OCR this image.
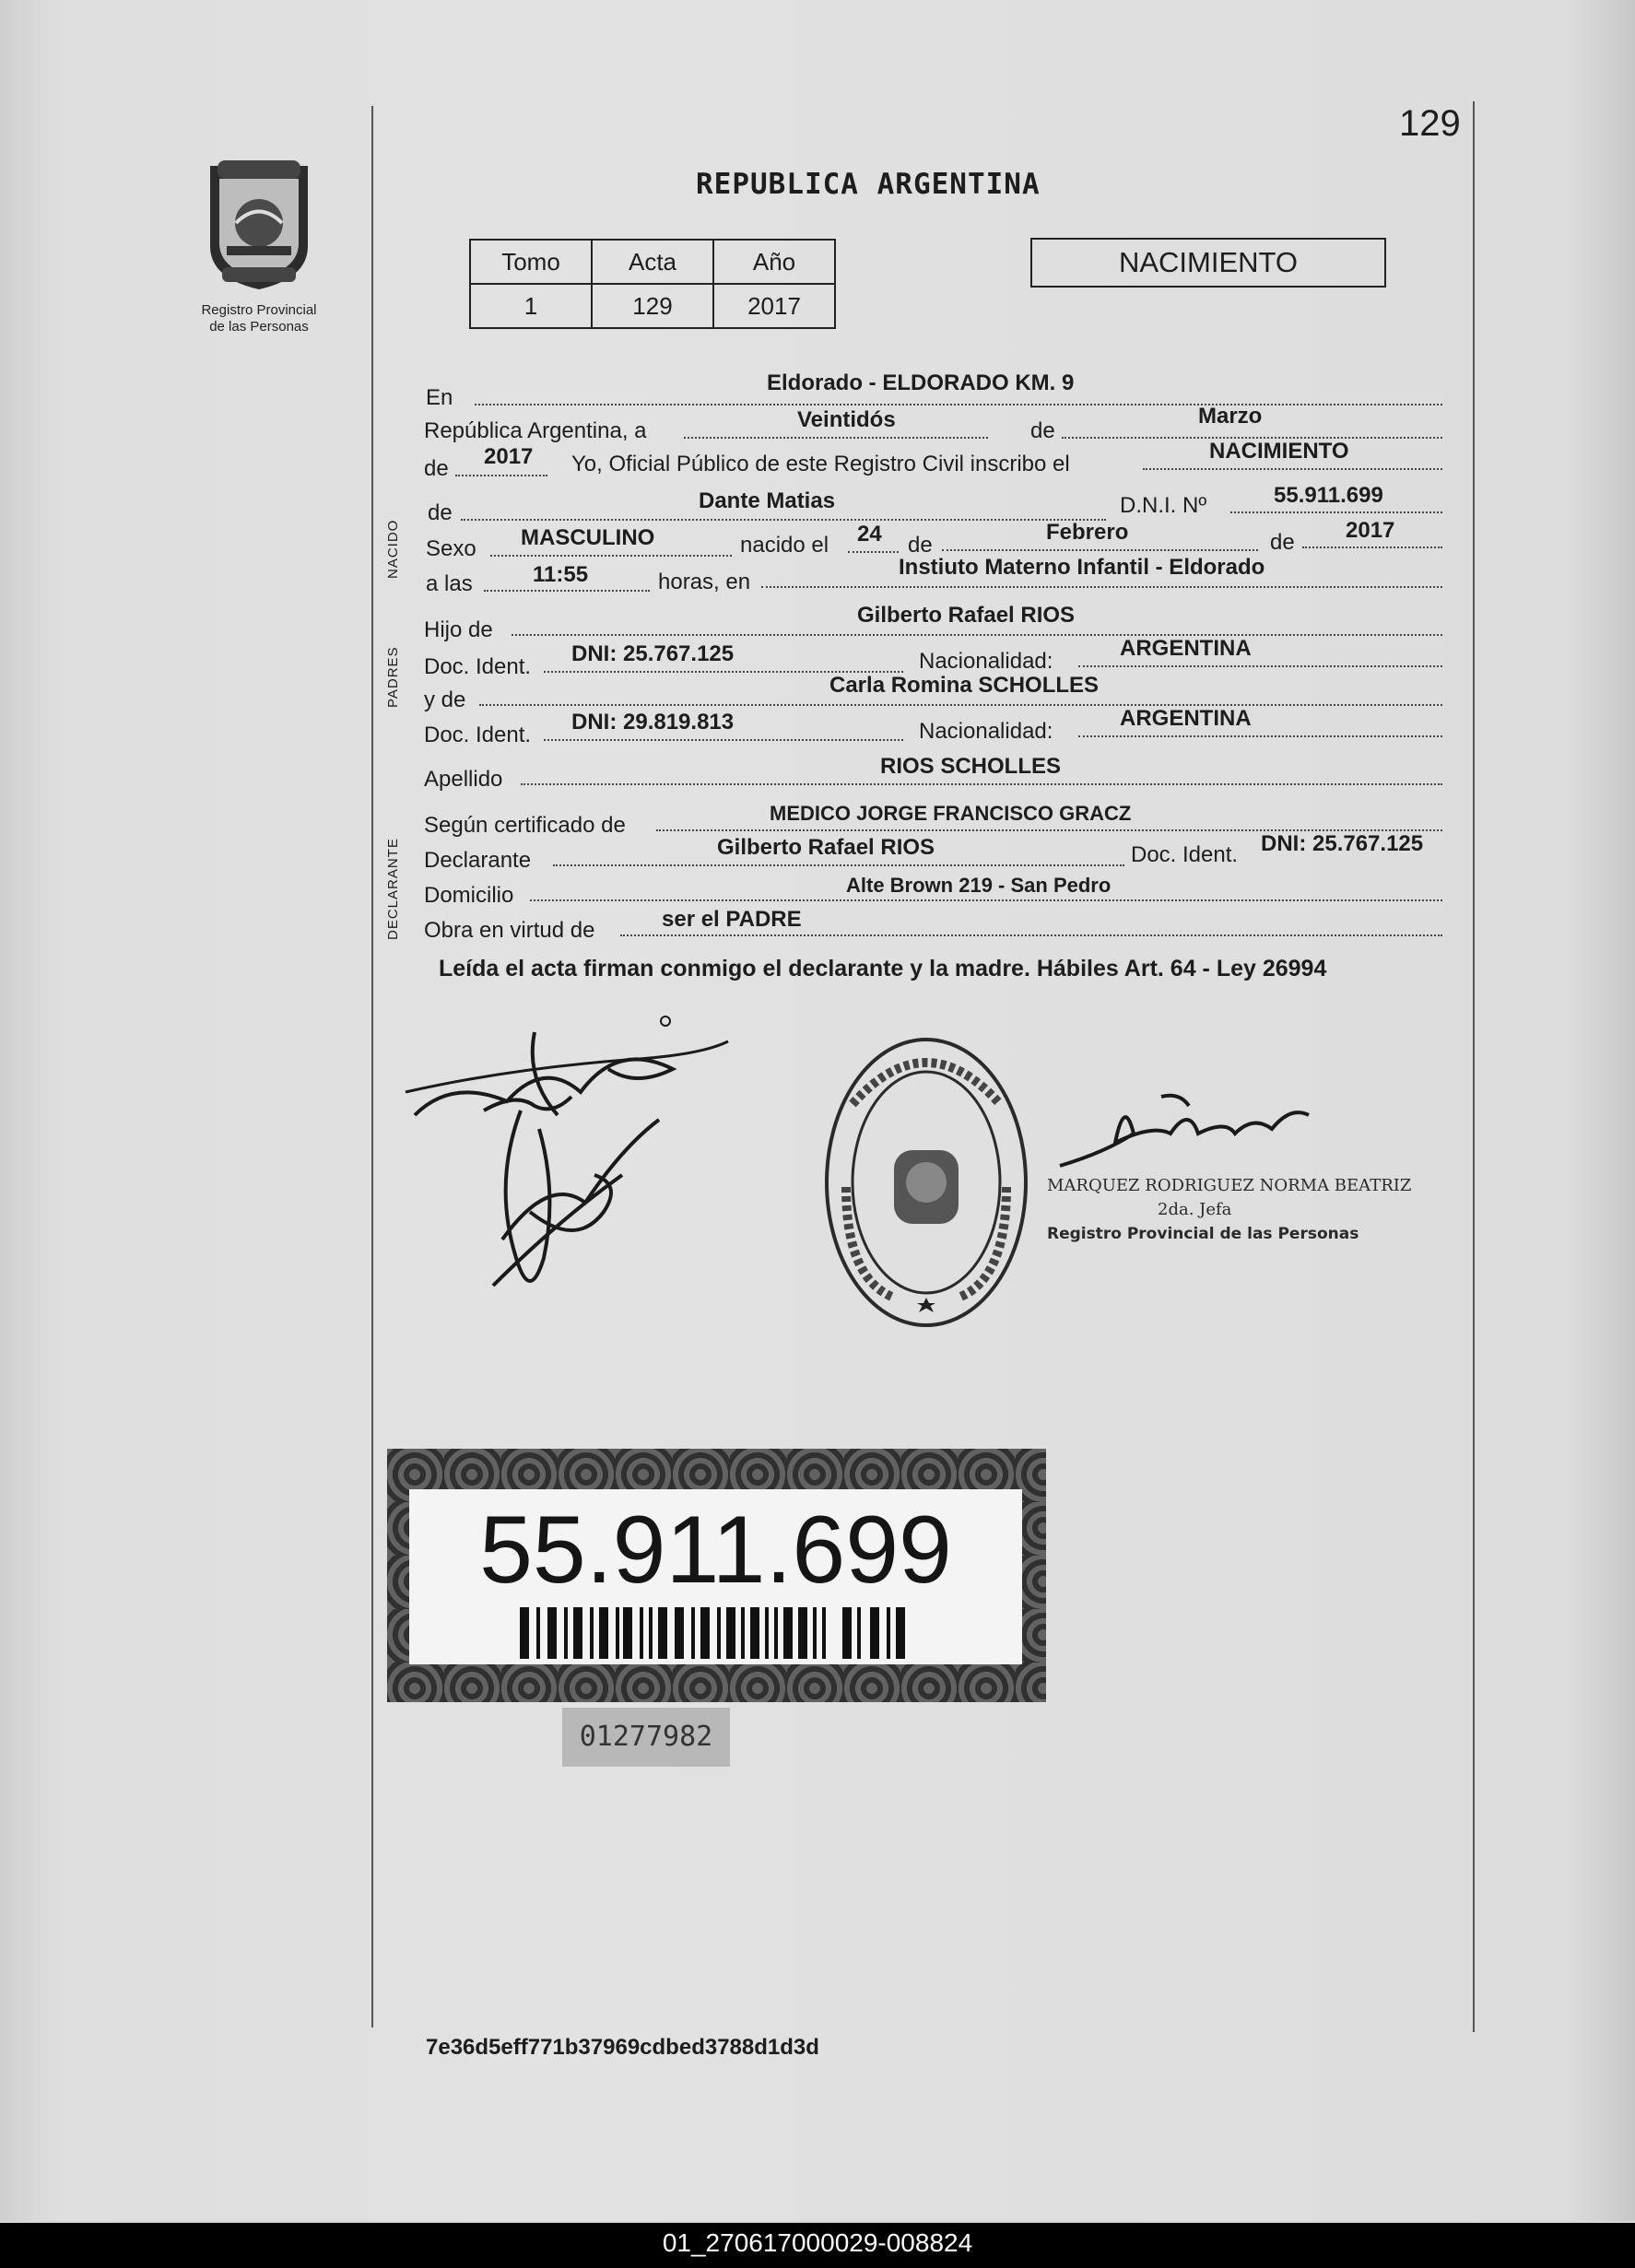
129
Registro Provincial
de las Personas
REPUBLICA ARGENTINA
Tomo	Acta	Año
1	129	2017
NACIMIENTO
En
Eldorado - ELDORADO KM. 9
República Argentina, a	Veintidós	de
Marzo
de 2017 Yo, Oficial Público de este Registro Civil inscribo el
NACIMIENTO
NACIDO
de	Dante Matias	D.N.I. Nº	55.911.699
Sexo MASCULINO	nacido el 24 de
Febrero	de 2017
a las	11:55	horas, en
Instiuto Materno Infantil - Eldorado
PADRES
Hijo de
Gilberto Rafael RIOS
Doc. Ident.
DNI: 25.767.125	Nacionalidad:
ARGENTINA
y de
Carla Romina SCHOLLES
Doc. Ident.
DNI: 29.819.813	Nacionalidad:
ARGENTINA
Apellido
RIOS SCHOLLES
DECLARANTE
Según certificado de	MEDICO JORGE FRANCISCO GRACZ
Declarante
Gilberto Rafael RIOS	Doc. Ident. DNI: 25.767.125
Domicilio	Alte Brown 219 - San Pedro
Obra en virtud de	ser el PADRE
Leída el acta firman conmigo el declarante y la madre. Hábiles Art. 64 - Ley 26994
MARQUEZ RODRIGUEZ NORMA BEATRIZ
2da. Jefa
Registro Provincial de las Personas
55.911.699
01277982
7e36d5eff771b37969cdbed3788d1d3d
01_270617000029-008824
